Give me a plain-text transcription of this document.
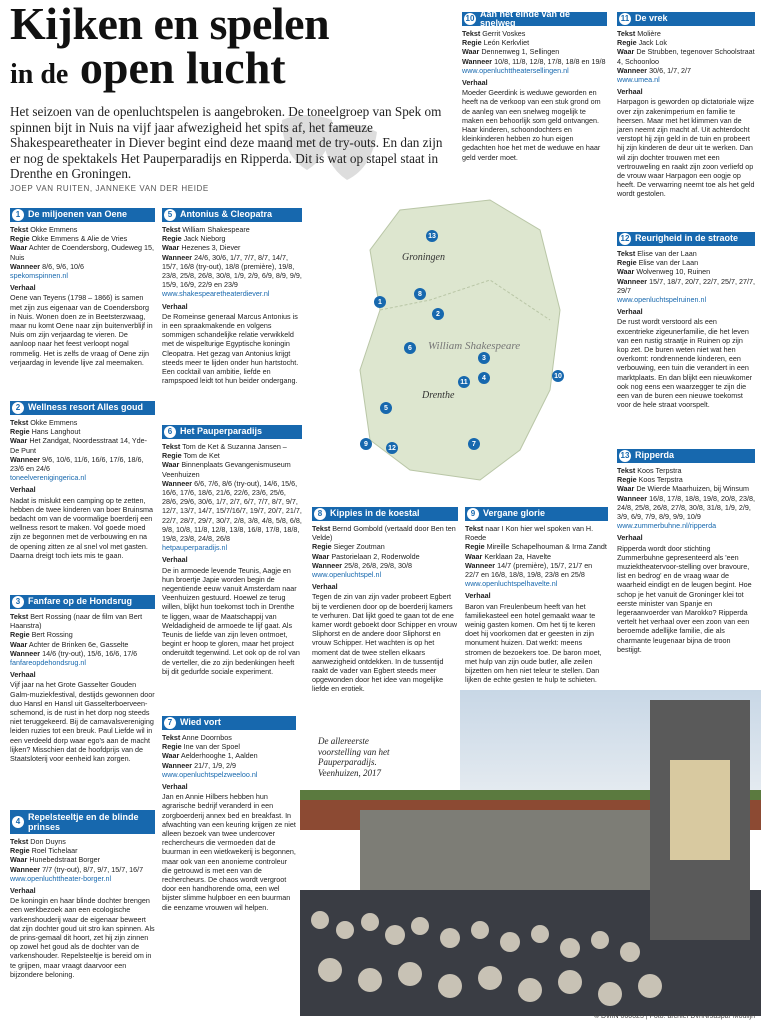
Kijken en spelen
in de open lucht
Het seizoen van de openluchtspelen is aangebroken. De toneelgroep van Spek om spinnen bijt in Nuis na vijf jaar afwezigheid het spits af, het fameuze Shakespearetheater in Diever begint eind deze maand met de try-outs. En dan zijn er nog de spektakels Het Pauperparadijs en Ripperda. Dit is wat op stapel staat in Drenthe en Groningen.
JOEP VAN RUITEN, JANNEKE VAN DER HEIDE
Groningen
William Shakespeare
Drenthe
13
1
8
2
6
3
4
11
10
5
9
12
7
De allereerste voorstelling van het Pauperparadijs. Veenhuizen, 2017
© DvhN 060623 | Foto: archief DvhN/Jaspar Moulijn
1 De miljoenen van Oene
Tekst Okke Emmens
Regie Okke Emmens & Alie de Vries
Waar Achter de Coendersborg, Oudeweg 15, Nuis
Wanneer 8/6, 9/6, 10/6
spekomspinnen.nl
Verhaal
Oene van Teyens (1798 – 1866) is samen met zijn zus eigenaar van de Coendersborg in Nuis. Wonen doen ze in Beetsterzwaag, maar nu komt Oene naar zijn buitenverblijf in Nuis om zijn verjaardag te vieren. De aanloop naar het feest verloopt nogal rommelig. Het is zelfs de vraag of Oene zijn verjaardag in levende lijve zal meemaken.
2 Wellness resort Alles goud
Tekst Okke Emmens
Regie Hans Langhout
Waar Het Zandgat, Noordesstraat 14, Yde-De Punt
Wanneer 9/6, 10/6, 11/6, 16/6, 17/6, 18/6, 23/6 en 24/6
toneelverenigingerica.nl
Verhaal
Nadat is mislukt een camping op te zetten, hebben de twee kinderen van boer Bruinsma bedacht om van de voormalige boerderij een wellness resort te maken. Vol goede moed zijn ze begonnen met de verbouwing en na de opening zitten ze al snel vol met gasten. Daarna dreigt toch iets mis te gaan.
3 Fanfare op de Hondsrug
Tekst Bert Rossing (naar de film van Bert Haanstra)
Regie Bert Rossing
Waar Achter de Brinken 6e, Gasselte
Wanneer 14/6 (try-out), 15/6, 16/6, 17/6
fanfareopdehondsrug.nl
Verhaal
Vijf jaar na het Grote Gasselter Gouden Galm-muziekfestival, destijds gewonnen door duo Hansl en Hansl uit Gasselterboerveen-schemond, is de rust in het dorp nog steeds niet teruggekeerd. Bij de carnavalsvereniging leiden ruzies tot een breuk. Paul Liefde wil in een verdeeld dorp waar ego's aan de macht lijken? Misschien dat de hoofdprijs van de Staatsloterij voor eenheid kan zorgen.
4 Repelsteeltje en de blinde prinses
Tekst Don Duyns
Regie Roel Tichelaar
Waar Hunebedstraat Borger
Wanneer 7/7 (try-out), 8/7, 9/7, 15/7, 16/7
www.openluchttheater-borger.nl
Verhaal
De koningin en haar blinde dochter brengen een werkbezoek aan een ecologische varkenshouderij waar de eigenaar beweert dat zijn dochter goud uit stro kan spinnen. Als de prins-gemaal dit hoort, zet hij zijn zinnen op zowel het goud als de dochter van de varkenshouder. Repelsteeltje is bereid om in te grijpen, maar vraagt daarvoor een bijzondere beloning.
5 Antonius & Cleopatra
Tekst William Shakespeare
Regie Jack Nieborg
Waar Hezenes 3, Diever
Wanneer 24/6, 30/6, 1/7, 7/7, 8/7, 14/7, 15/7, 16/8 (try-out), 18/8 (première), 19/8, 23/8, 25/8, 26/8, 30/8, 1/9, 2/9, 6/9, 8/9, 9/9, 15/9, 16/9, 22/9 en 23/9
www.shakespearetheaterdiever.nl
Verhaal
De Romeinse generaal Marcus Antonius is in een spraakmakende en volgens sommigen schandelijke relatie verwikkeld met de wispelturige Egyptische koningin Cleopatra. Het gezag van Antonius krijgt steeds meer te lijden onder hun hartstocht. Een cocktail van ambitie, liefde en rampspoed leidt tot hun beider ondergang.
6 Het Pauperparadijs
Tekst Tom de Ket & Suzanna Jansen –
Regie Tom de Ket
Waar Binnenplaats Gevangenismuseum Veenhuizen
Wanneer 6/6, 7/6, 8/6 (try-out), 14/6, 15/6, 16/6, 17/6, 18/6, 21/6, 22/6, 23/6, 25/6, 28/6, 29/6, 30/6, 1/7, 2/7, 6/7, 7/7, 8/7, 9/7, 12/7, 13/7, 14/7, 15/7/16/7, 19/7, 20/7, 21/7, 22/7, 28/7, 29/7, 30/7, 2/8, 3/8, 4/8, 5/8, 6/8, 9/8, 10/8, 11/8, 12/8, 13/8, 16/8, 17/8, 18/8, 19/8, 23/8, 24/8, 26/8
hetpauperparadijs.nl
Verhaal
De in armoede levende Teunis, Aagje en hun broertje Japie worden begin de negentiende eeuw vanuit Amsterdam naar Veenhuizen gestuurd. Hoewel ze terug willen, blijkt hun toekomst toch in Drenthe te liggen, waar de Maatschappij van Weldadigheid de armoede te lijf gaat. Als Teunis de liefde van zijn leven ontmoet, begint er hoop te gloren, maar het project onderuitdt tegenwind. Let ook op de rol van de verteller, die zo zijn bedenkingen heeft bij dit gedurfde sociale experiment.
7 Wied vort
Tekst Anne Doornbos
Regie Ine van der Spoel
Waar Aelderhooghe 1, Aalden
Wanneer 21/7, 1/9, 2/9
www.openluchtspelzweeloo.nl
Verhaal
Jan en Annie Hilbers hebben hun agrarische bedrijf veranderd in een zorgboerderij annex bed en breakfast. In afwachting van een keuring krijgen ze niet alleen bezoek van twee undercover rechercheurs die vermoeden dat de buurman in een wietkwekerij is begonnen, maar ook van een anonieme controleur die getrouwd is met een van de rechercheurs. De chaos wordt vergroot door een handhorende oma, een wel bijster slimme hulpboer en een buurman die eenzame vrouwen wil helpen.
8 Kippies in de koestal
Tekst Bernd Gombold (vertaald door Ben ten Velde)
Regie Sieger Zoutman
Waar Pastorielaan 2, Roderwolde
Wanneer 25/8, 26/8, 29/8, 30/8
www.openluchtspel.nl
Verhaal
Tegen de zin van zijn vader probeert Egbert bij te verdienen door op de boerderij kamers te verhuren. Dat lijkt goed te gaan tot de ene kamer wordt geboekt door Schipper en vrouw Sliphorst en de andere door Sliphorst en vrouw Schipper. Het wachten is op het moment dat de twee stellen elkaars aanwezigheid ontdekken. In de tussentijd raakt de vader van Egbert steeds meer opgewonden door het idee van mogelijke liefde en erotiek.
9 Vergane glorie
Tekst naar I Kon hier wel spoken van H. Roede
Regie Mireille Schapelhouman & Irma Zandt
Waar Kerklaan 2a, Havelte
Wanneer 14/7 (première), 15/7, 21/7 en 22/7 en 16/8, 18/8, 19/8, 23/8 en 25/8
www.openluchtspelhavelte.nl
Verhaal
Baron van Freulenbeum heeft van het familiekasteel een hotel gemaakt waar te weinig gasten komen. Om het tij te keren doet hij voorkomen dat er geesten in zijn monument huizen. Dat werkt: meens stromen de bezoekers toe. De baron moet, met hulp van zijn oude butler, alle zeilen bijzetten om hen niet teleur te stellen. Dan lijken de echte gesten te hulp te schieten.
10
Aan het einde van de snelweg
Tekst Gerrit Voskes
Regie León Kerkvliet
Waar Dennenweg 1, Sellingen
Wanneer 10/8, 11/8, 12/8, 17/8, 18/8 en 19/8
www.openluchttheatersellingen.nl
Verhaal
Moeder Geerdink is weduwe geworden en heeft na de verkoop van een stuk grond om de aanleg van een snelweg mogelijk te maken een behoorlijk som geld ontvangen. Haar kinderen, schoondochters en kleinkinderen hebben zo hun eigen gedachten hoe het met de weduwe en haar geld verder moet.
11 De vrek
Tekst Molière
Regie Jack Lok
Waar De Strubben, tegenover Schoolstraat 4, Schoonloo
Wanneer 30/6, 1/7, 2/7
www.umea.nl
Verhaal
Harpagon is geworden op dictatoriale wijze over zijn zakenimperium en familie te heersen. Maar met het klimmen van de jaren neemt zijn macht af. Uit achterdocht verstopt hij zijn geld in de tuin en probeert hij zijn kinderen de deur uit te werken. Dan wil zijn dochter trouwen met een vertrouweling en raakt zijn zoon verliefd op de vrouw waar Harpagon een oogje op heeft. De verwarring neemt toe als het geld wordt gestolen.
12 Reurigheid in de straote
Tekst Elise van der Laan
Regie Elise van der Laan
Waar Wolvenweg 10, Ruinen
Wanneer 15/7, 18/7, 20/7, 22/7, 25/7, 27/7, 29/7
www.openluchtspelruinen.nl
Verhaal
De rust wordt verstoord als een excentrieke zigeunerfamilie, die het leven van een rustig straatje in Ruinen op zijn kop zet. De buren weten niet wat hen overkomt: rondrennende kinderen, een verbouwing, een tuin die verandert in een marktplaats. En dan blijkt een nieuwkomer ook nog eens een waarzegger te zijn die een van de buren een nieuwe toekomst voor de hele straat voorspelt.
13 Ripperda
Tekst Koos Terpstra
Regie Koos Terpstra
Waar De Wierde Maarhuizen, bij Winsum
Wanneer 16/8, 17/8, 18/8, 19/8, 20/8, 23/8, 24/8, 25/8, 26/8, 27/8, 30/8, 31/8, 1/9, 2/9, 3/9, 6/9, 7/9, 8/9, 9/9, 10/9
www.zummerbuhne.nl/ripperda
Verhaal
Ripperda wordt door stichting Zummerbuhne gepresenteerd als 'een muziektheatervoor-stelling over bravoure, list en bedrog' en de vraag waar de waarheid eindigt en de leugen begint. Hoe schop je het vanuit de Groninger klei tot eerste minister van Spanje en legeraanvoerder van Marokko? Ripperda vertelt het verhaal over een zoon van een beroemde adellijke familie, die als charmante leugenaar bijna de troon bestijgt.
